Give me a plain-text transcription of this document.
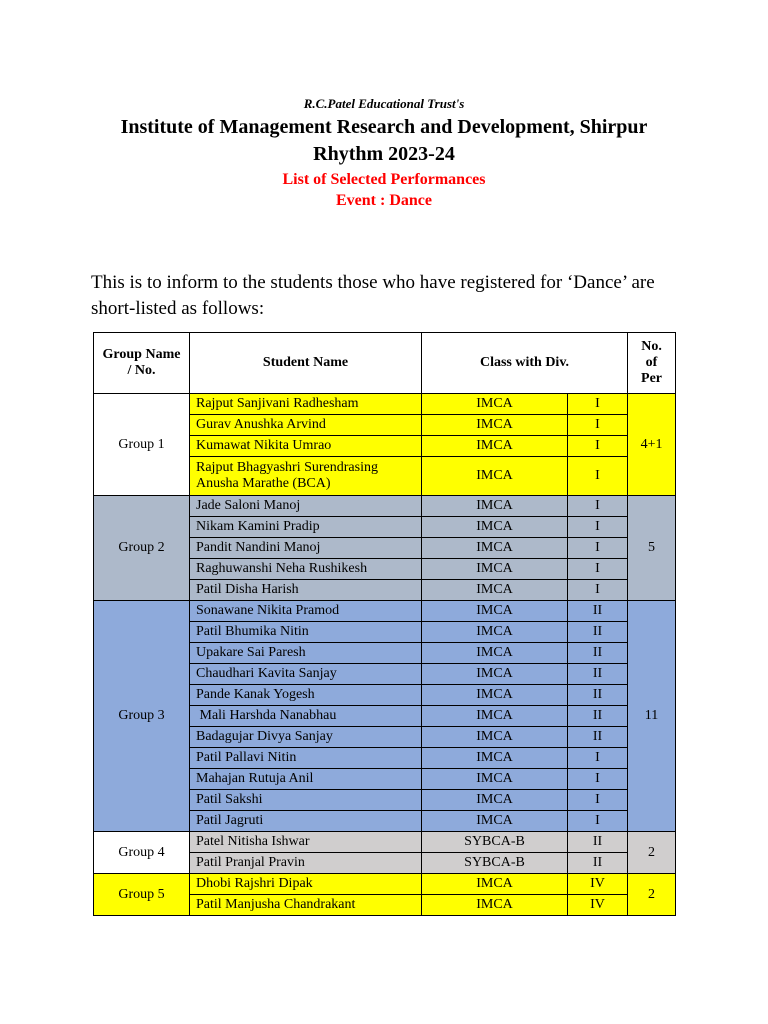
R.C.Patel Educational Trust's
Institute of Management Research and Development, Shirpur
Rhythm 2023-24
List of Selected Performances
Event : Dance
This is to inform to the students those who have registered for ‘Dance’ are short-listed as follows:
Group Name / No.	Student Name	Class with Div.		No. of Per
Group 1	Rajput Sanjivani Radhesham	IMCA	I	4+1
	Gurav Anushka Arvind	IMCA	I	
	Kumawat Nikita Umrao	IMCA	I	
	Rajput Bhagyashri Surendrasing Anusha Marathe (BCA)	IMCA	I	
Group 2	Jade Saloni Manoj	IMCA	I	5
	Nikam Kamini Pradip	IMCA	I	
	Pandit Nandini Manoj	IMCA	I	
	Raghuwanshi Neha Rushikesh	IMCA	I	
	Patil Disha Harish	IMCA	I	
Group 3	Sonawane Nikita Pramod	IMCA	II	11
	Patil Bhumika Nitin	IMCA	II	
	Upakare Sai Paresh	IMCA	II	
	Chaudhari Kavita Sanjay	IMCA	II	
	Pande Kanak Yogesh	IMCA	II	
	Mali Harshda Nanabhau	IMCA	II	
	Badagujar Divya Sanjay	IMCA	II	
	Patil Pallavi Nitin	IMCA	I	
	Mahajan Rutuja Anil	IMCA	I	
	Patil Sakshi	IMCA	I	
	Patil Jagruti	IMCA	I	
Group 4	Patel Nitisha Ishwar	SYBCA-B	II	2
	Patil Pranjal Pravin	SYBCA-B	II	
Group 5	Dhobi Rajshri Dipak	IMCA	IV	2
	Patil Manjusha Chandrakant	IMCA	IV	
